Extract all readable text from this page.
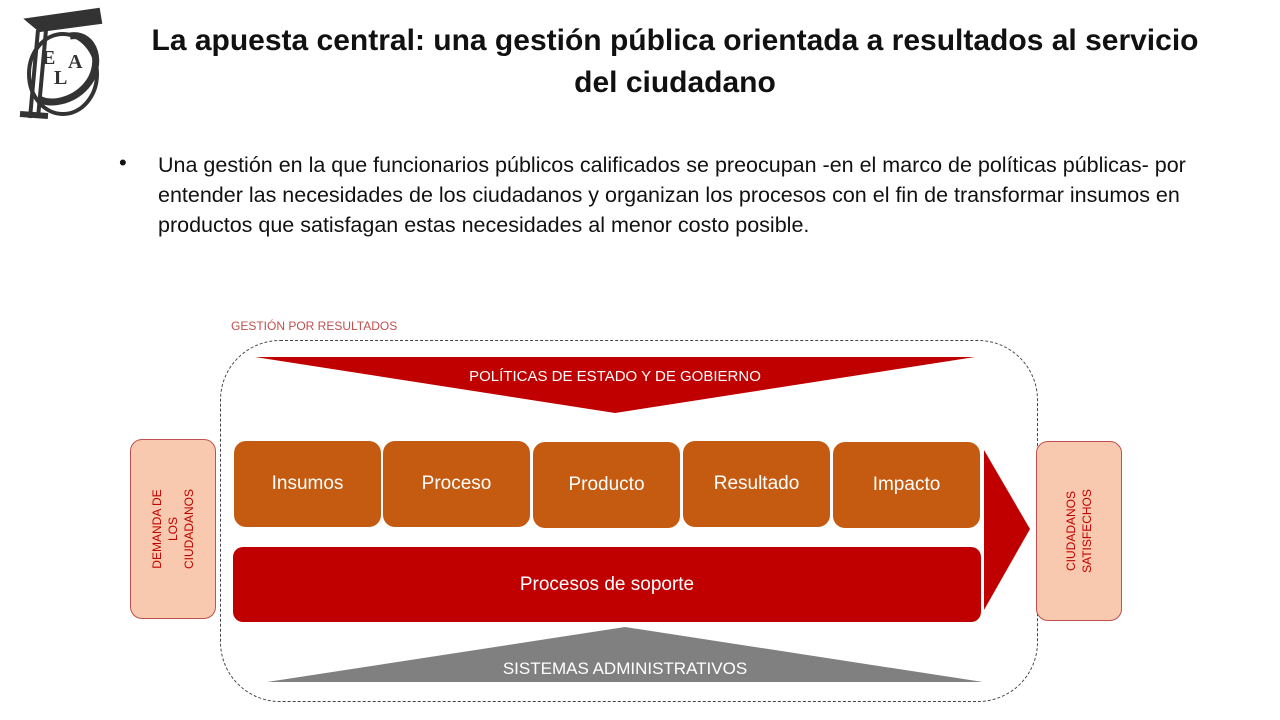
E
L
A
La apuesta central: una gestión pública orientada a resultados al servicio del ciudadano
• Una gestión en la que funcionarios públicos calificados se preocupan -en el marco de políticas públicas- por entender las necesidades de los ciudadanos y organizan los procesos con el fin de transformar insumos en productos que satisfagan estas necesidades al menor costo posible.
GESTIÓN POR RESULTADOS
POLÍTICAS DE ESTADO Y DE GOBIERNO
DEMANDA DE LOS CIUDADANOS	CIUDADANOS SATISFECHOS
Insumos	Proceso	Producto	Resultado	Impacto
Procesos de soporte
SISTEMAS ADMINISTRATIVOS
